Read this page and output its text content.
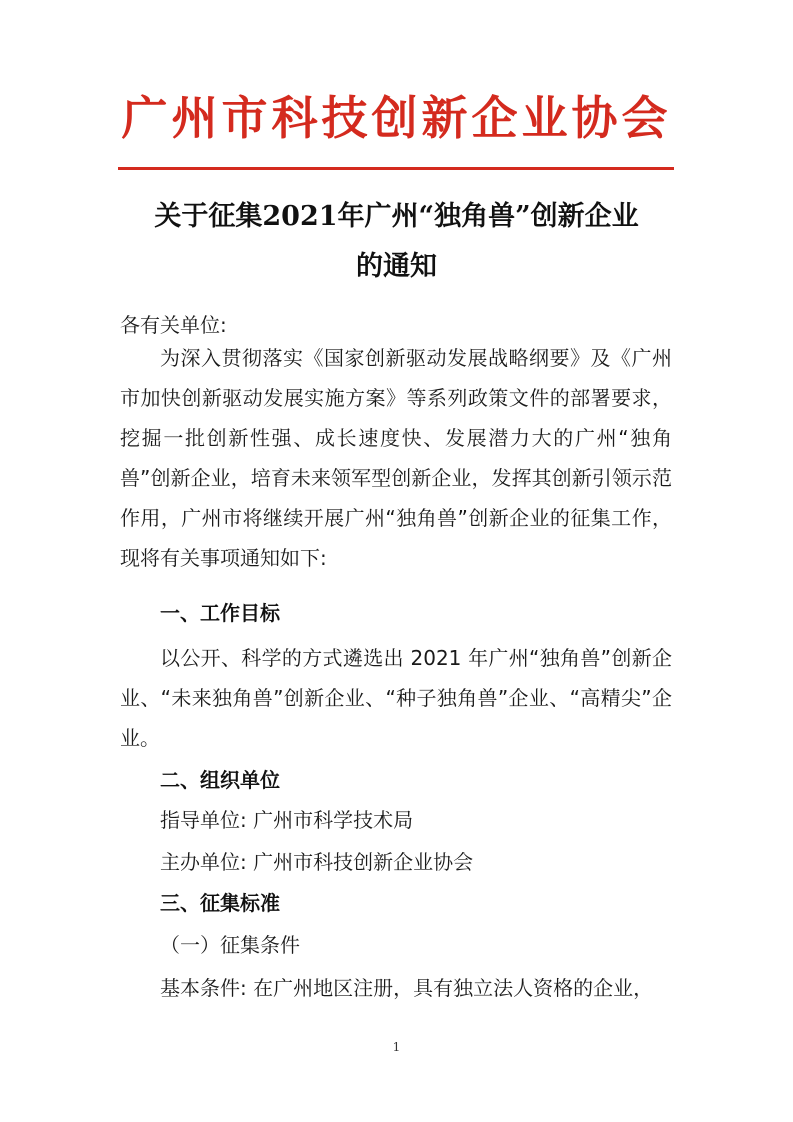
广州市科技创新企业协会
关于征集2021年广州“独角兽”创新企业
的通知
各有关单位:
为深入贯彻落实《国家创新驱动发展战略纲要》及《广州市加快创新驱动发展实施方案》等系列政策文件的部署要求，挖掘一批创新性强、成长速度快、发展潜力大的广州“独角兽”创新企业，培育未来领军型创新企业，发挥其创新引领示范作用，广州市将继续开展广州“独角兽”创新企业的征集工作，现将有关事项通知如下:
一、工作目标
以公开、科学的方式遴选出 2021 年广州“独角兽”创新企业、“未来独角兽”创新企业、“种子独角兽”企业、“高精尖”企业。
二、组织单位
指导单位: 广州市科学技术局
主办单位: 广州市科技创新企业协会
三、征集标准
（一）征集条件
基本条件: 在广州地区注册，具有独立法人资格的企业，
1
